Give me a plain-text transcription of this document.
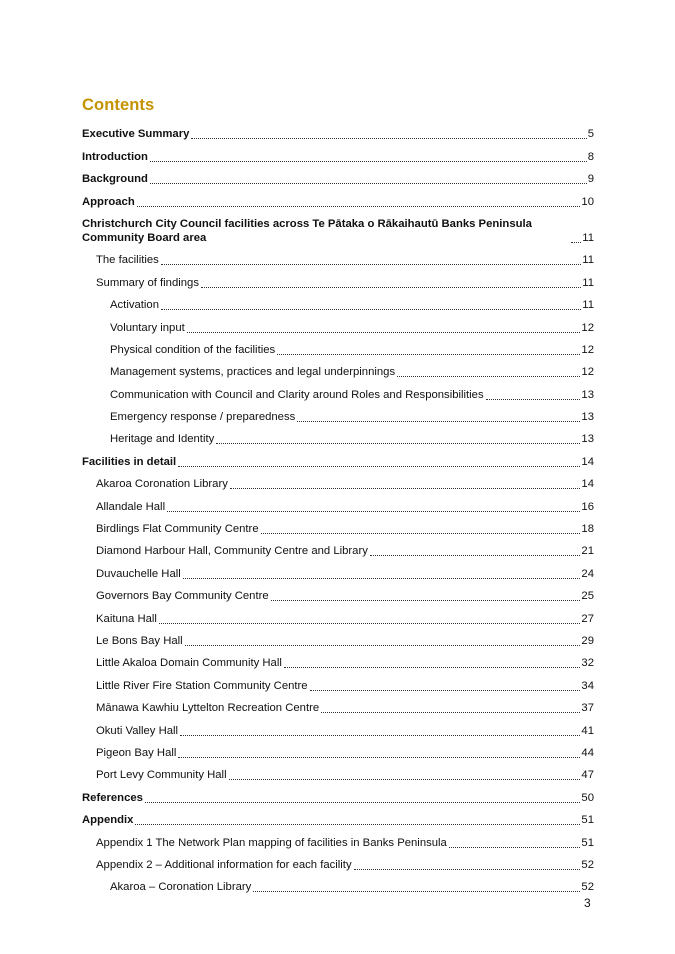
Contents
Executive Summary	5
Introduction	8
Background	9
Approach	10
Christchurch City Council facilities across Te Pātaka o Rākaihautū Banks Peninsula Community Board area	11
The facilities	11
Summary of findings	11
Activation	11
Voluntary input	12
Physical condition of the facilities	12
Management systems, practices and legal underpinnings	12
Communication with Council and Clarity around Roles and Responsibilities	13
Emergency response / preparedness	13
Heritage and Identity	13
Facilities in detail	14
Akaroa Coronation Library	14
Allandale Hall	16
Birdlings Flat Community Centre	18
Diamond Harbour Hall, Community Centre and Library	21
Duvauchelle Hall	24
Governors Bay Community Centre	25
Kaituna Hall	27
Le Bons Bay Hall	29
Little Akaloa Domain Community Hall	32
Little River Fire Station Community Centre	34
Mānawa Kawhiu Lyttelton Recreation Centre	37
Okuti Valley Hall	41
Pigeon Bay Hall	44
Port Levy Community Hall	47
References	50
Appendix	51
Appendix 1 The Network Plan mapping of facilities in Banks Peninsula	51
Appendix 2 – Additional information for each facility	52
Akaroa – Coronation Library	52
3
